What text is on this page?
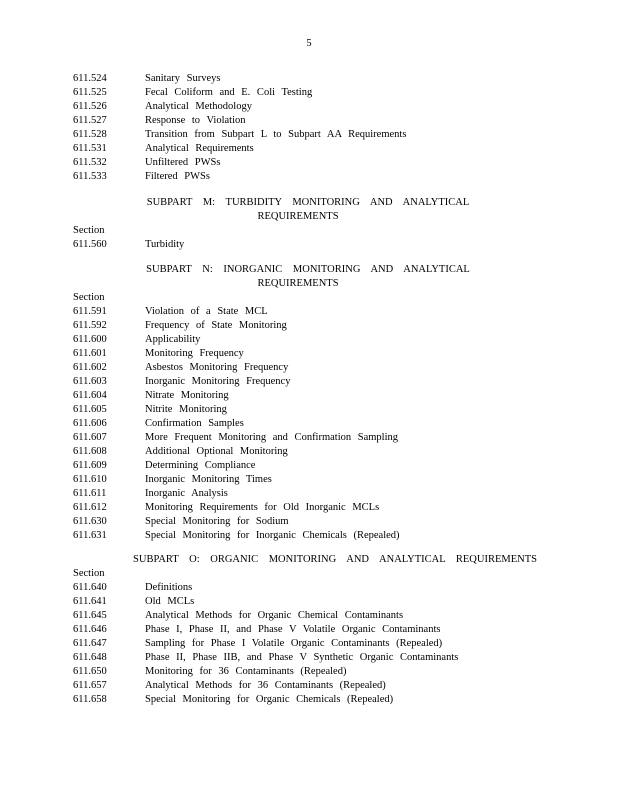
5
611.524	Sanitary Surveys
611.525	Fecal Coliform and E. Coli Testing
611.526	Analytical Methodology
611.527	Response to Violation
611.528	Transition from Subpart L to Subpart AA Requirements
611.531	Analytical Requirements
611.532	Unfiltered PWSs
611.533	Filtered PWSs
SUBPART M: TURBIDITY MONITORING AND ANALYTICAL
REQUIREMENTS
Section
611.560	Turbidity
SUBPART N: INORGANIC MONITORING AND ANALYTICAL
REQUIREMENTS
Section
611.591	Violation of a State MCL
611.592	Frequency of State Monitoring
611.600	Applicability
611.601	Monitoring Frequency
611.602	Asbestos Monitoring Frequency
611.603	Inorganic Monitoring Frequency
611.604	Nitrate Monitoring
611.605	Nitrite Monitoring
611.606	Confirmation Samples
611.607	More Frequent Monitoring and Confirmation Sampling
611.608	Additional Optional Monitoring
611.609	Determining Compliance
611.610	Inorganic Monitoring Times
611.611	Inorganic Analysis
611.612	Monitoring Requirements for Old Inorganic MCLs
611.630	Special Monitoring for Sodium
611.631	Special Monitoring for Inorganic Chemicals (Repealed)
SUBPART O: ORGANIC MONITORING AND ANALYTICAL REQUIREMENTS
Section
611.640	Definitions
611.641	Old MCLs
611.645	Analytical Methods for Organic Chemical Contaminants
611.646	Phase I, Phase II, and Phase V Volatile Organic Contaminants
611.647	Sampling for Phase I Volatile Organic Contaminants (Repealed)
611.648	Phase II, Phase IIB, and Phase V Synthetic Organic Contaminants
611.650	Monitoring for 36 Contaminants (Repealed)
611.657	Analytical Methods for 36 Contaminants (Repealed)
611.658	Special Monitoring for Organic Chemicals (Repealed)
